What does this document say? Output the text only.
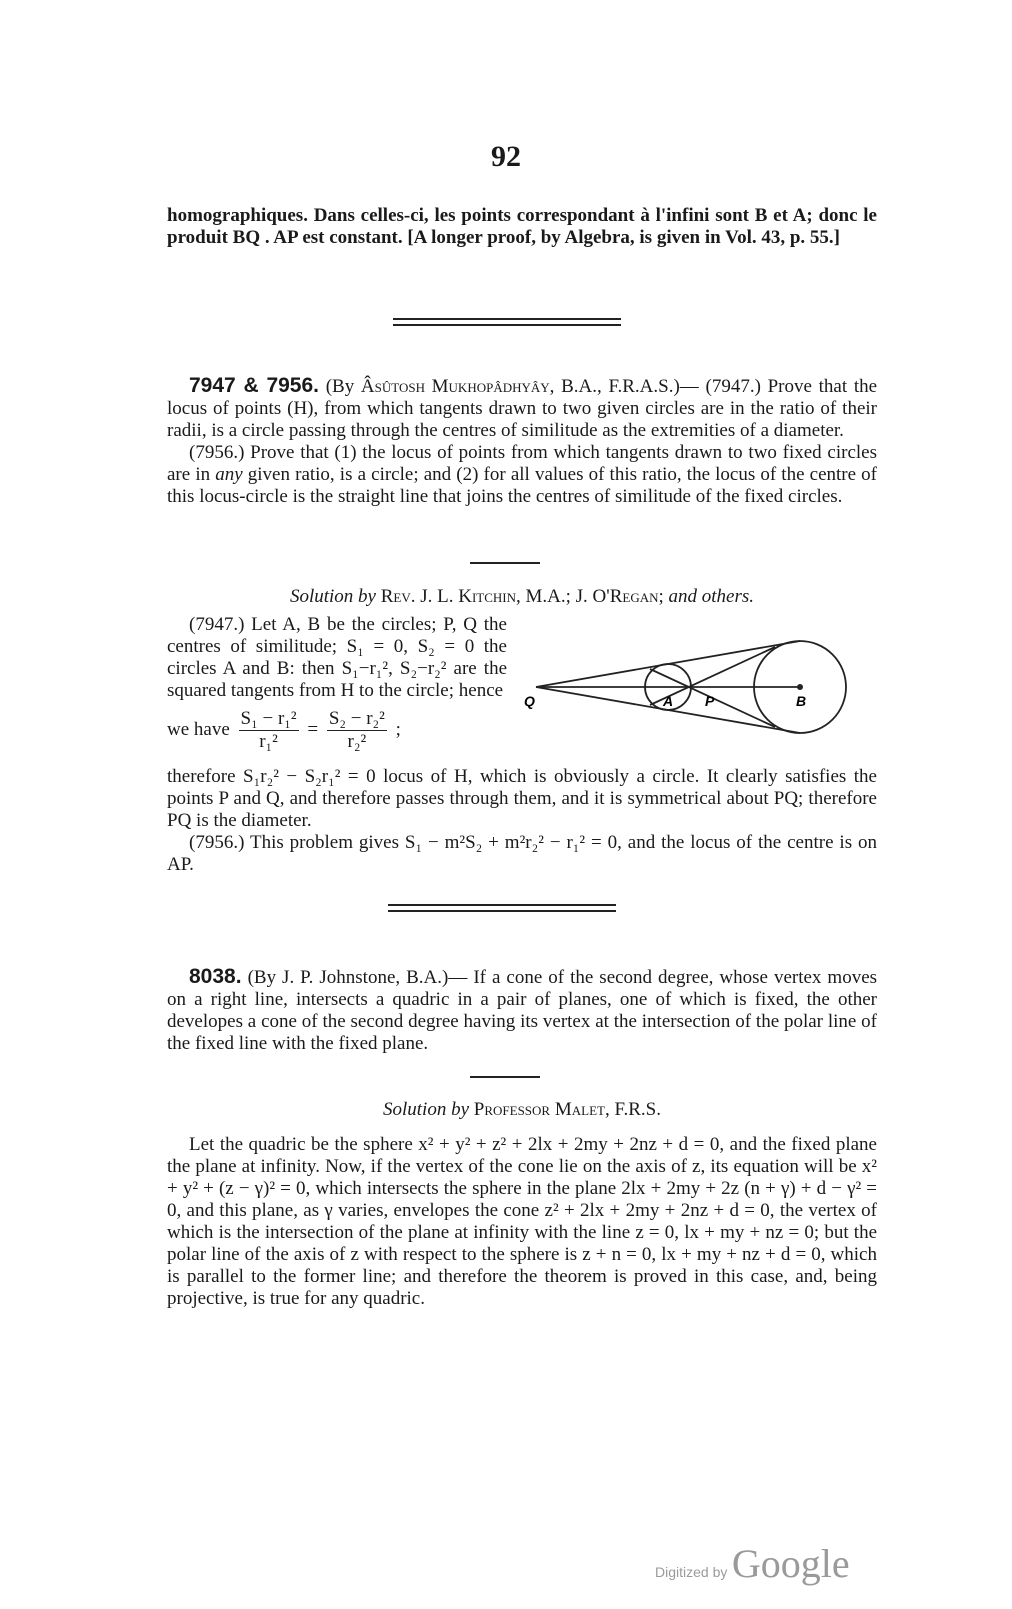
92

homographiques. Dans celles-ci, les points correspondant à l'infini sont B et A; donc le produit BQ . AP est constant. [A longer proof, by Algebra, is given in Vol. 43, p. 55.]

7947 & 7956. (By Âsûtosh Mukhopâdhyây, B.A., F.R.A.S.)— (7947.) Prove that the locus of points (H), from which tangents drawn to two given circles are in the ratio of their radii, is a circle passing through the centres of similitude as the extremities of a diameter.

(7956.) Prove that (1) the locus of points from which tangents drawn to two fixed circles are in any given ratio, is a circle; and (2) for all values of this ratio, the locus of the centre of this locus-circle is the straight line that joins the centres of similitude of the fixed circles.

Solution by Rev. J. L. Kitchin, M.A.; J. O'Regan; and others.

(7947.) Let A, B be the circles; P, Q the centres of similitude; S₁ = 0, S₂ = 0 the circles A and B: then S₁−r₁², S₂−r₂² are the squared tangents from H to the circle; hence

we have $\frac{\text{S₁ − r₁²}}{\text{r₁²}} = \frac{\text{S₂ − r₂²}}{\text{r₂²}}$ ;

Q	A P	B

therefore S₁r₂² − S₂r₁² = 0 locus of H, which is obviously a circle. It clearly satisfies the points P and Q, and therefore passes through them, and it is symmetrical about PQ; therefore PQ is the diameter.

(7956.) This problem gives S₁ − m²S₂ + m²r₂² − r₁² = 0, and the locus of the centre is on AP.

8038. (By J. P. Johnstone, B.A.)— If a cone of the second degree, whose vertex moves on a right line, intersects a quadric in a pair of planes, one of which is fixed, the other developes a cone of the second degree having its vertex at the intersection of the polar line of the fixed line with the fixed plane.

Solution by Professor Malet, F.R.S.

Let the quadric be the sphere x² + y² + z² + 2lx + 2my + 2nz + d = 0, and the fixed plane the plane at infinity. Now, if the vertex of the cone lie on the axis of z, its equation will be x² + y² + (z − γ)² = 0, which intersects the sphere in the plane 2lx + 2my + 2z (n + γ) + d − γ² = 0, and this plane, as γ varies, envelopes the cone z² + 2lx + 2my + 2nz + d = 0, the vertex of which is the intersection of the plane at infinity with the line z = 0, lx + my + nz = 0; but the polar line of the axis of z with respect to the sphere is z + n = 0, lx + my + nz + d = 0, which is parallel to the former line; and therefore the theorem is proved in this case, and, being projective, is true for any quadric.

Digitized by Google
